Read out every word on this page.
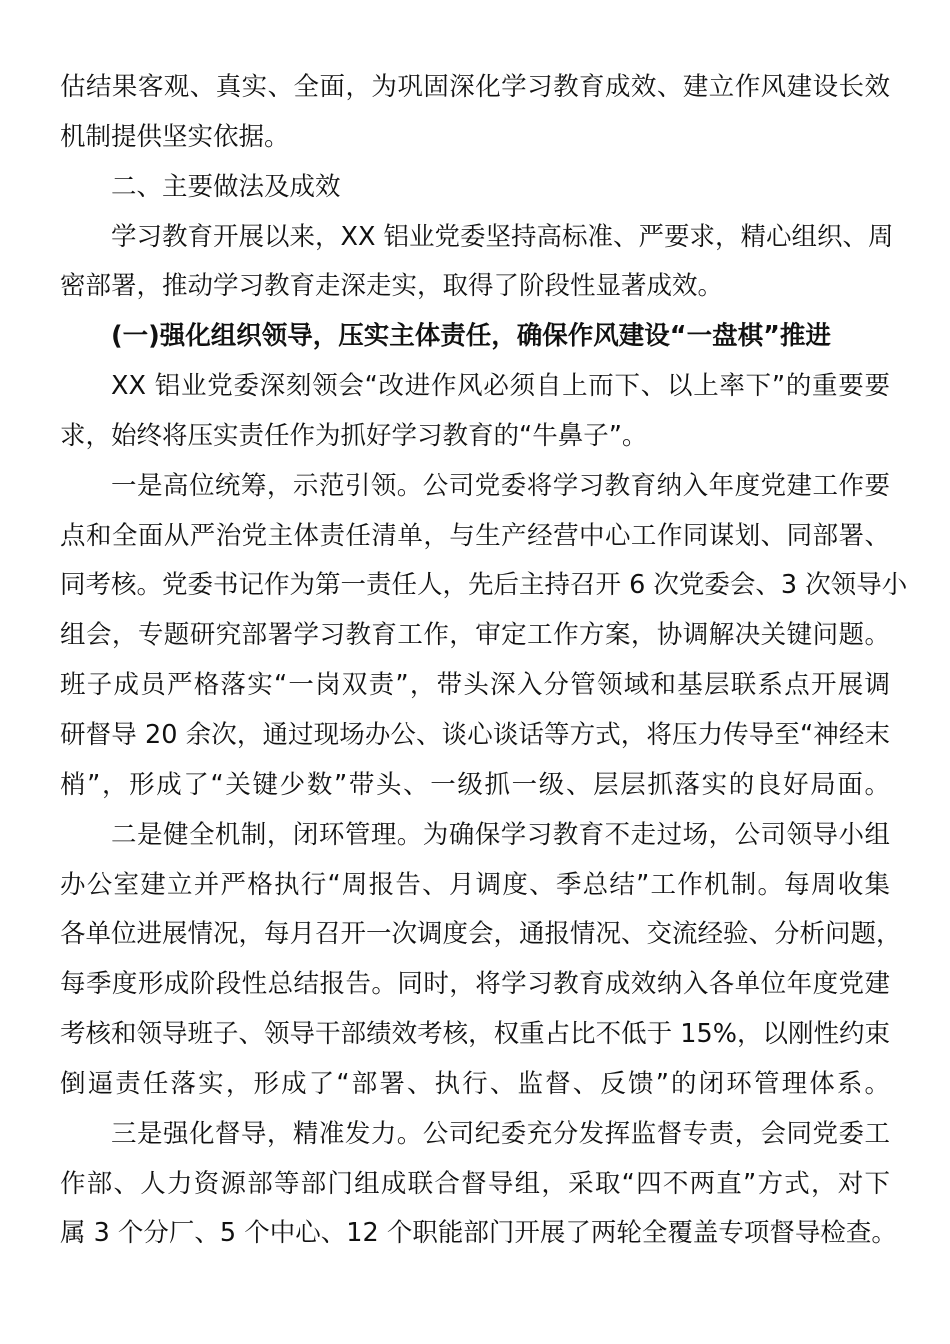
估结果客观、真实、全面，为巩固深化学习教育成效、建立作风建设长效
机制提供坚实依据。
二、主要做法及成效
学习教育开展以来，XX 铝业党委坚持高标准、严要求，精心组织、周
密部署，推动学习教育走深走实，取得了阶段性显著成效。
(一)强化组织领导，压实主体责任，确保作风建设“一盘棋”推进
XX 铝业党委深刻领会“改进作风必须自上而下、以上率下”的重要要
求，始终将压实责任作为抓好学习教育的“牛鼻子”。
一是高位统筹，示范引领。公司党委将学习教育纳入年度党建工作要
点和全面从严治党主体责任清单，与生产经营中心工作同谋划、同部署、
同考核。党委书记作为第一责任人，先后主持召开 6 次党委会、3 次领导小
组会，专题研究部署学习教育工作，审定工作方案，协调解决关键问题。
班子成员严格落实“一岗双责”，带头深入分管领域和基层联系点开展调
研督导 20 余次，通过现场办公、谈心谈话等方式，将压力传导至“神经末
梢”，形成了“关键少数”带头、一级抓一级、层层抓落实的良好局面。
二是健全机制，闭环管理。为确保学习教育不走过场，公司领导小组
办公室建立并严格执行“周报告、月调度、季总结”工作机制。每周收集
各单位进展情况，每月召开一次调度会，通报情况、交流经验、分析问题，
每季度形成阶段性总结报告。同时，将学习教育成效纳入各单位年度党建
考核和领导班子、领导干部绩效考核，权重占比不低于 15%，以刚性约束
倒逼责任落实，形成了“部署、执行、监督、反馈”的闭环管理体系。
三是强化督导，精准发力。公司纪委充分发挥监督专责，会同党委工
作部、人力资源部等部门组成联合督导组，采取“四不两直”方式，对下
属 3 个分厂、5 个中心、12 个职能部门开展了两轮全覆盖专项督导检查。
